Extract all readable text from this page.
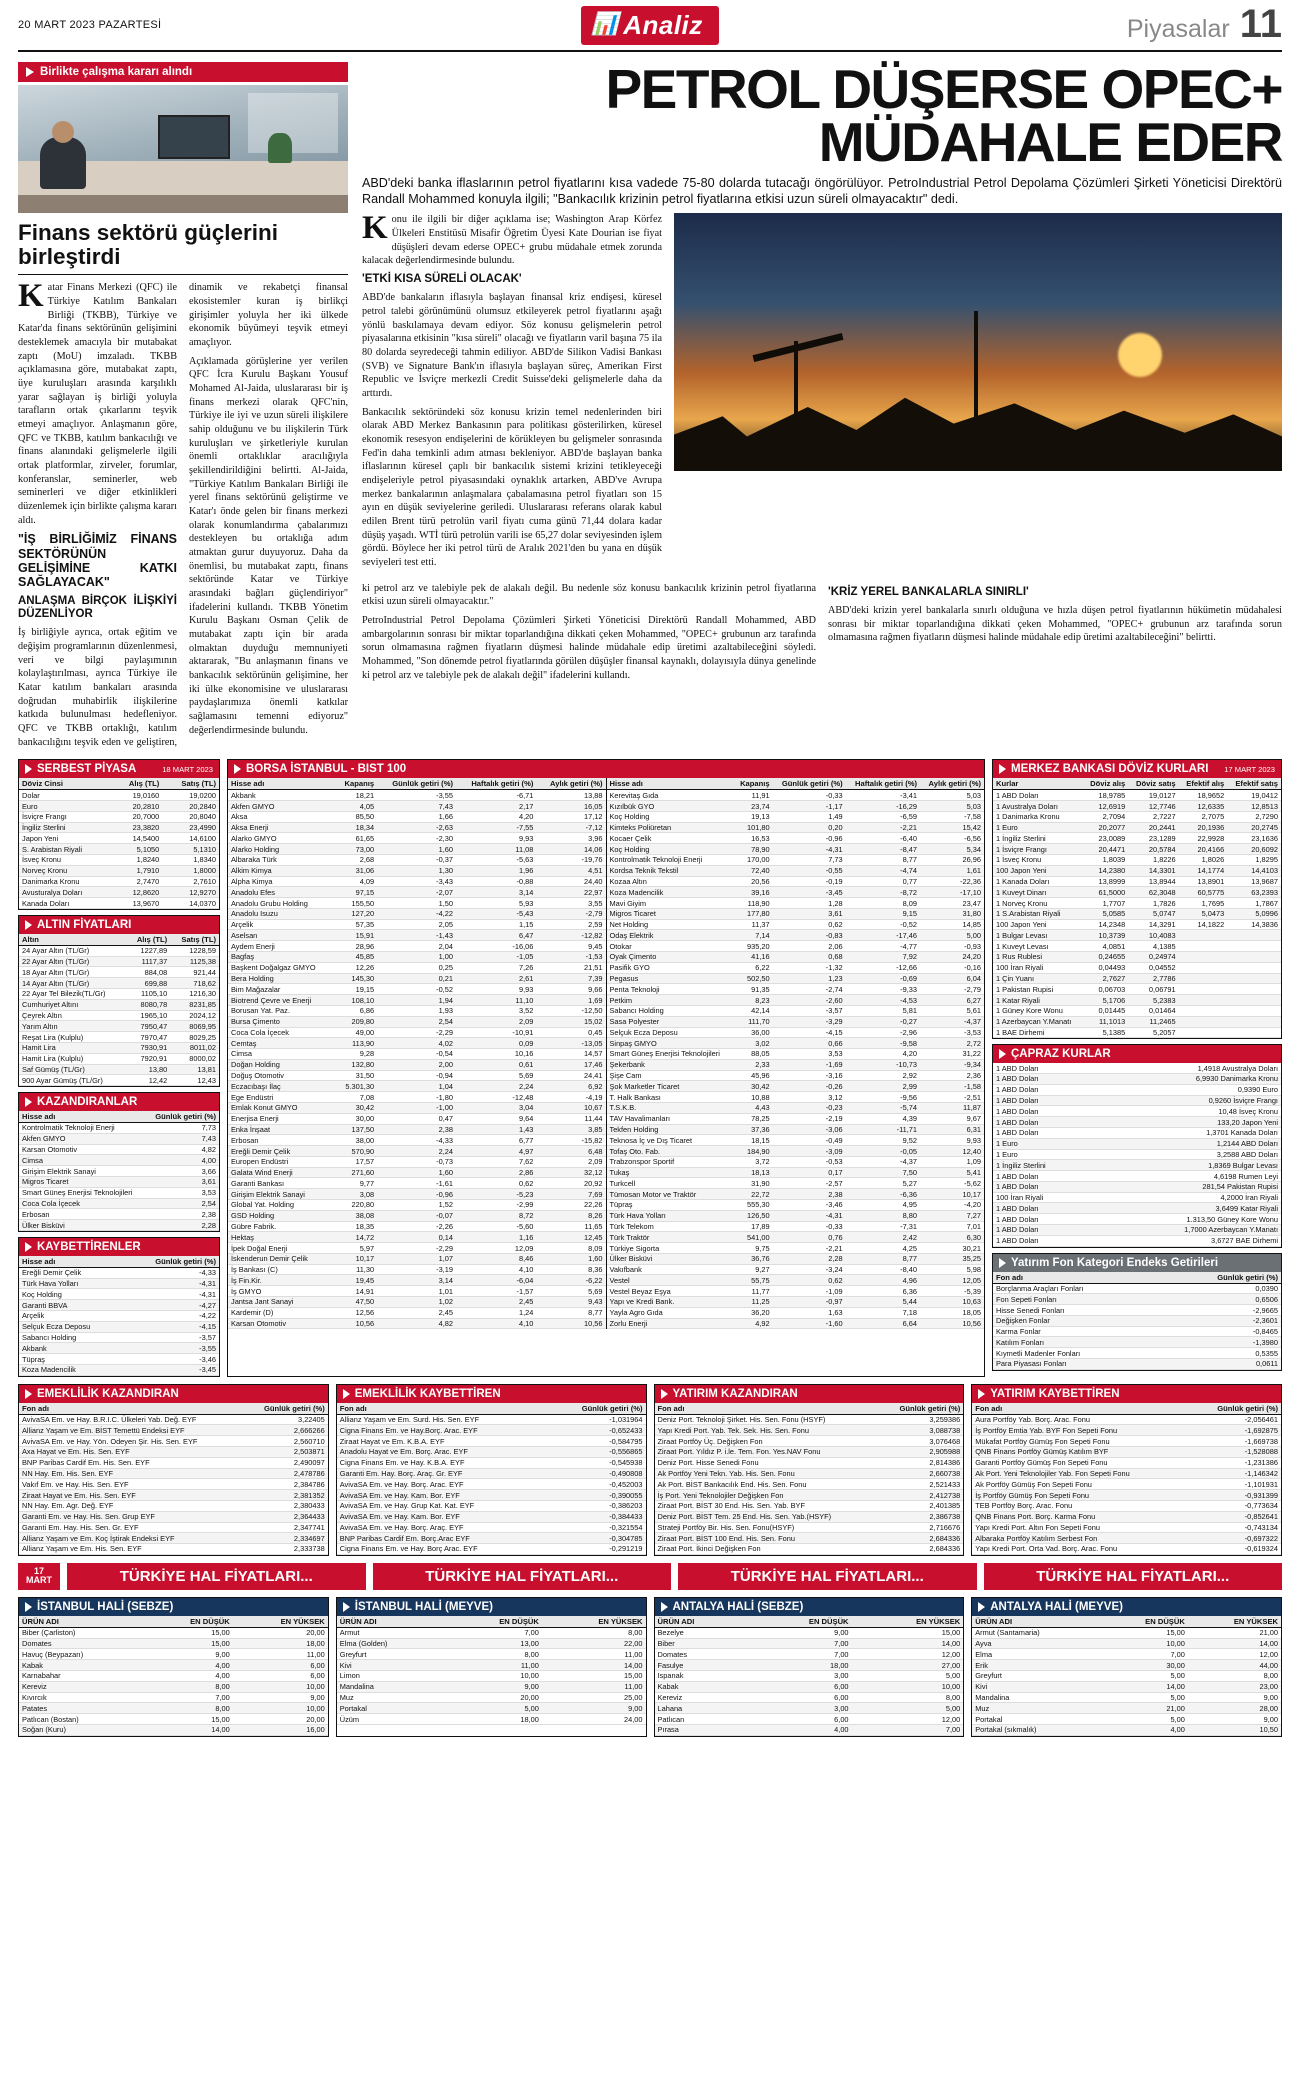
20 MART 2023 PAZARTESİ	📊 Analiz	Piyasalar 11
Birlikte çalışma kararı alındı
Finans sektörü güçlerini birleştirdi

Katar Finans Merkezi (QFC) ile Türkiye Katılım Bankaları Birliği (TKBB), Türkiye ve Katar'da finans sektörünün gelişimini desteklemek amacıyla bir mutabakat zaptı (MoU) imzaladı. TKBB açıklamasına göre, mutabakat zaptı, üye kuruluşları arasında karşılıklı yarar sağlayan iş birliği yoluyla tarafların ortak çıkarlarını teşvik etmeyi amaçlıyor. Anlaşmanın göre, QFC ve TKBB, katılım bankacılığı ve finans alanındaki gelişmelerle ilgili ortak platformlar, zirveler, forumlar, konferanslar, seminerler, web seminerleri ve diğer etkinlikleri düzenlemek için birlikte çalışma kararı aldı.

"İŞ BİRLİĞİMİZ FİNANS SEKTÖRÜNÜN GELİŞİMİNE KATKI SAĞLAYACAK"
ANLAŞMA BİRÇOK İLİŞKİYİ DÜZENLİYOR

İş birliğiyle ayrıca, ortak eğitim ve değişim programlarının düzenlenmesi, veri ve bilgi paylaşımının kolaylaştırılması, ayrıca Türkiye ile Katar katılım bankaları arasında doğrudan muhabirlik ilişkilerine katkıda bulunulması hedefleniyor. QFC ve TKBB ortaklığı, katılım bankacılığını teşvik eden ve geliştiren, dinamik ve rekabetçi finansal ekosistemler kuran iş birlikçi girişimler yoluyla her iki ülkede ekonomik büyümeyi teşvik etmeyi amaçlıyor.

Açıklamada görüşlerine yer verilen QFC İcra Kurulu Başkanı Yousuf Mohamed Al-Jaida, uluslararası bir iş finans merkezi olarak QFC'nin, Türkiye ile iyi ve uzun süreli ilişkilere sahip olduğunu ve bu ilişkilerin Türk kuruluşları ve şirketleriyle kurulan önemli ortaklıklar aracılığıyla şekillendirildiğini belirtti. Al-Jaida, "Türkiye Katılım Bankaları Birliği ile yerel finans sektörünü geliştirme ve Katar'ı önde gelen bir finans merkezi olarak konumlandırma çabalarımızı destekleyen bu ortaklığa adım atmaktan gurur duyuyoruz. Daha da önemlisi, bu mutabakat zaptı, finans sektöründe Katar ve Türkiye arasındaki bağları güçlendiriyor" ifadelerini kullandı. TKBB Yönetim Kurulu Başkanı Osman Çelik de mutabakat zaptı için bir arada olmaktan duyduğu memnuniyeti aktararak, "Bu anlaşmanın finans ve bankacılık sektörünün gelişimine, her iki ülke ekonomisine ve uluslararası paydaşlarımıza önemli katkılar sağlamasını temenni ediyoruz" değerlendirmesinde bulundu.

PETROL DÜŞERSE OPEC+
MÜDAHALE EDER
ABD'deki banka iflaslarının petrol fiyatlarını kısa vadede 75-80 dolarda tutacağı öngörülüyor. PetroIndustrial Petrol Depolama Çözümleri Şirketi Yöneticisi Direktörü Randall Mohammed konuyla ilgili; "Bankacılık krizinin petrol fiyatlarına etkisi uzun süreli olmayacaktır" dedi.

Konu ile ilgili bir diğer açıklama ise; Washington Arap Körfez Ülkeleri Enstitüsü Misafir Öğretim Üyesi Kate Dourian ise fiyat düşüşleri devam ederse OPEC+ grubu müdahale etmek zorunda kalacak değerlendirmesinde bulundu.

'ETKİ KISA SÜRELİ OLACAK'

ABD'de bankaların iflasıyla başlayan finansal kriz endişesi, küresel petrol talebi görünümünü olumsuz etkileyerek petrol fiyatlarını aşağı yönlü baskılamaya devam ediyor. Söz konusu gelişmelerin petrol piyasalarına etkisinin "kısa süreli" olacağı ve fiyatların varil başına 75 ila 80 dolarda seyredeceği tahmin ediliyor. ABD'de Silikon Vadisi Bankası (SVB) ve Signature Bank'ın iflasıyla başlayan süreç, Amerikan First Republic ve İsviçre merkezli Credit Suisse'deki gelişmelerle daha da arttırdı.

Bankacılık sektöründeki söz konusu krizin temel nedenlerinden biri olarak ABD Merkez Bankasının para politikası gösterilirken, küresel ekonomik resesyon endişelerini de körükleyen bu gelişmeler sonrasında Fed'in daha temkinli adım atması bekleniyor. ABD'de başlayan banka iflaslarının küresel çaplı bir bankacılık sistemi krizini tetikleyeceği endişeleriyle petrol piyasasındaki oynaklık artarken, ABD've Avrupa merkez bankalarının anlaşmalara çabalamasına petrol fiyatları son 15 ayın en düşük seviyelerine geriledi. Uluslararası referans olarak kabul edilen Brent türü petrolün varil fiyatı cuma günü 71,44 dolara kadar düşüş yaşadı. WTİ türü petrolün varili ise 65,27 dolar seviyesinden işlem gördü. Böylece her iki petrol türü de Aralık 2021'den bu yana en düşük seviyeleri test etti.

ki petrol arz ve talebiyle pek de alakalı değil. Bu nedenle söz konusu bankacılık krizinin petrol fiyatlarına etkisi uzun süreli olmayacaktır."

PetroIndustrial Petrol Depolama Çözümleri Şirketi Yöneticisi Direktörü Randall Mohammed, ABD ambargolarının sonrası bir miktar toparlandığına dikkati çeken Mohammed, "OPEC+ grubunun arz tarafında sorun olmamasına rağmen fiyatların düşmesi halinde müdahale edip üretimi azaltabileceğini söyledi. Mohammed, "Son dönemde petrol fiyatlarında görülen düşüşler finansal kaynaklı, dolayısıyla dünya genelinde ki petrol arz ve talebiyle pek de alakalı değil" ifadelerini kullandı.

'KRİZ YEREL BANKALARLA SINIRLI'

ABD'deki krizin yerel bankalarla sınırlı olduğuna ve hızla düşen petrol fiyatlarının hükümetin müdahalesi sonrası bir miktar toparlandığına dikkati çeken Mohammed, "OPEC+ grubunun arz tarafında sorun olmamasına rağmen fiyatların düşmesi halinde müdahale edip üretimi azaltabileceğini" belirtti.

SERBEST PİYASA	18 MART 2023
Döviz Cinsi	Alış (TL)	Satış (TL)
Dolar	19,0160	19,0200
Euro	20,2810	20,2840
İsviçre Frangı	20,7000	20,8040
İngiliz Sterlini	23,3820	23,4990
Japon Yeni	14,5400	14,6100
S. Arabistan Riyali	5,1050	5,1310
İsveç Kronu	1,8240	1,8340
Norveç Kronu	1,7910	1,8000
Danimarka Kronu	2,7470	2,7610
Avusturalya Doları	12,8620	12,9270
Kanada Doları	13,9670	14,0370
ALTIN FİYATLARI
Altın	Alış (TL)	Satış (TL)
24 Ayar Altın (TL/Gr)	1227,89	1228,59
22 Ayar Altın (TL/Gr)	1117,37	1125,38
18 Ayar Altın (TL/Gr)	884,08	921,44
14 Ayar Altın (TL/Gr)	699,88	718,62
22 Ayar Tel Bilezik(TL/Gr)	1105,10	1216,30
Cumhuriyet Altını	8080,78	8231,85
Çeyrek Altın	1965,10	2024,12
Yarım Altın	7950,47	8069,95
Reşat Lira (Kulplu)	7970,47	8029,25
Hamit Lira	7930,91	8011,02
Hamit Lira (Kulplu)	7920,91	8000,02
Saf Gümüş (TL/Gr)	13,80	13,81
900 Ayar Gümüş (TL/Gr)	12,42	12,43
KAZANDIRANLAR
Hisse adı	Günlük getiri (%)
Kontrolmatik Teknoloji Enerji	7,73
Akfen GMYO	7,43
Karsan Otomotiv	4,82
Cimsa	4,00
Girişim Elektrik Sanayi	3,66
Migros Ticaret	3,61
Smart Güneş Enerjisi Teknolojileri	3,53
Coca Cola İçecek	2,54
Erbosan	2,38
Ülker Bisküvi	2,28
KAYBETTİRENLER
Hisse adı	Günlük getiri (%)
Ereğli Demir Çelik	-4,33
Türk Hava Yolları	-4,31
Koç Holding	-4,31
Garanti BBVA	-4,27
Arçelik	-4,22
Selçuk Ecza Deposu	-4,15
Sabancı Holding	-3,57
Akbank	-3,55
Tüpraş	-3,46
Koza Madencilik	-3,45
BORSA İSTANBUL - BIST 100
Hisse adı	Kapanış	Günlük getiri (%)	Haftalık getiri (%)	Aylık getiri (%)
Akbank	18,21	-3,55	-6,71	13,88
Akfen GMYO	4,05	7,43	2,17	16,05
Aksa	85,50	1,66	4,20	17,12
Aksa Enerji	18,34	-2,63	-7,55	-7,12
Alarko GMYO	61,65	-2,30	9,93	3,96
Alarko Holding	73,00	1,60	11,08	14,06
Albaraka Türk	2,68	-0,37	-5,63	-19,76
Alkim Kimya	31,06	1,30	1,96	4,51
Alpha Kimya	4,09	-3,43	-0,88	24,40
Anadolu Efes	97,15	-2,07	3,14	22,97
Anadolu Grubu Holding	155,50	1,50	5,93	3,55
Anadolu Isuzu	127,20	-4,22	-5,43	-2,79
Arçelik	57,35	2,05	1,15	2,59
Aselsan	15,91	-1,43	6,47	-12,82
Aydem Enerji	28,96	2,04	-16,06	9,45
Bagfaş	45,85	1,00	-1,05	-1,53
Başkent Doğalgaz GMYO	12,26	0,25	7,26	21,51
Bera Holding	145,30	0,21	2,61	7,39
Bim Mağazalar	19,15	-0,52	9,93	9,66
Biotrend Çevre ve Enerji	108,10	1,94	11,10	1,69
Borusan Yat. Paz.	6,86	1,93	3,52	-12,50
Bursa Çimento	209,80	2,54	2,09	15,02
Coca Cola İçecek	49,00	-2,29	-10,91	0,45
Cemtaş	113,90	4,02	0,09	-13,05
Cimsa	9,28	-0,54	10,16	14,57
Doğan Holding	132,80	2,00	0,61	17,46
Doğuş Otomotiv	31,50	-0,94	5,69	24,41
Eczacıbaşı İlaç	5.301,30	1,04	2,24	6,92
Ege Endüstri	7,08	-1,80	-12,48	-4,19
Emlak Konut GMYO	30,42	-1,00	3,04	10,67
Enerjisa Enerji	30,00	0,47	9,64	11,44
Enka İnşaat	137,50	2,38	1,43	3,85
Erbosan	38,00	-4,33	6,77	-15,82
Ereğli Demir Çelik	570,90	2,24	4,97	6,48
Europen Endüstri	17,57	-0,73	7,62	2,09
Galata Wind Enerji	271,60	1,60	2,86	32,12
Garanti Bankası	9,77	-1,61	0,62	20,92
Girişim Elektrik Sanayi	3,08	-0,96	-5,23	7,69
Global Yat. Holding	220,80	1,52	-2,99	22,26
GSD Holding	38,08	-0,07	8,72	8,26
Gübre Fabrik.	18,35	-2,26	-5,60	11,65
Hektaş	14,72	0,14	1,16	12,45
İpek Doğal Enerji	5,97	-2,29	12,09	8,09
İskenderun Demir Çelik	10,17	1,07	8,46	1,60
İş Bankası (C)	11,30	-3,19	4,10	8,36
İş Fin.Kir.	19,45	3,14	-6,04	-6,22
İş GMYO	14,91	1,01	-1,57	5,69
Jantsa Jant Sanayi	47,50	1,02	2,45	9,43
Kardemir (D)	12,56	2,45	1,24	8,77
Karsan Otomotiv	10,56	4,82	4,10	10,56
Hisse adı	Kapanış	Günlük getiri (%)	Haftalık getiri (%)	Aylık getiri (%)
Kerevitaş Gıda	11,91	-0,33	-3,41	5,03
Kızılbük GYO	23,74	-1,17	-16,29	5,03
Koç Holding	19,13	1,49	-6,59	-7,58
Kimteks Poliüretan	101,80	0,20	-2,21	15,42
Kocaer Çelik	16,53	-0,96	-6,40	-6,56
Koç Holding	78,90	-4,31	-8,47	5,34
Kontrolmatik Teknoloji Enerji	170,00	7,73	8,77	26,96
Kordsa Teknik Tekstil	72,40	-0,55	-4,74	1,61
Kozaa Altın	20,56	-0,19	0,77	-22,36
Koza Madencilik	39,16	-3,45	-8,72	-17,10
Mavi Giyim	118,90	1,28	8,09	23,47
Migros Ticaret	177,80	3,61	9,15	31,80
Net Holding	11,37	0,62	-0,52	14,85
Odaş Elektrik	7,14	-0,83	-17,46	5,00
Otokar	935,20	2,06	-4,77	-0,93
Oyak Çimento	41,16	0,68	7,92	24,20
Pasifik GYO	6,22	-1,32	-12,66	-0,16
Pegasus	502,50	1,23	-0,69	6,04
Penta Teknoloji	91,35	-2,74	-9,33	-2,79
Petkim	8,23	-2,60	-4,53	6,27
Sabancı Holding	42,14	-3,57	5,81	5,61
Sasa Polyester	111,70	-3,29	-0,27	-4,37
Selçuk Ecza Deposu	36,00	-4,15	-2,96	-3,53
Sinpaş GMYO	3,02	0,66	-9,58	2,72
Smart Güneş Enerjisi Teknolojileri	88,05	3,53	4,20	31,22
Şekerbank	2,33	-1,69	-10,73	-9,34
Şişe Cam	45,96	-3,16	2,92	2,36
Şok Marketler Ticaret	30,42	-0,26	2,99	-1,58
T. Halk Bankası	10,88	3,12	-9,56	-2,51
T.S.K.B.	4,43	-0,23	-5,74	11,87
TAV Havalimanları	78,25	-2,19	4,39	9,67
Tekfen Holding	37,36	-3,06	-11,71	6,31
Teknosa İç ve Dış Ticaret	18,15	-0,49	9,52	9,93
Tofaş Oto. Fab.	184,90	-3,09	-0,05	12,40
Trabzonspor Sportif	3,72	-0,53	-4,37	1,09
Tukaş	18,13	0,17	7,50	5,41
Turkcell	31,90	-2,57	5,27	-5,62
Tümosan Motor ve Traktör	22,72	2,38	-6,36	10,17
Tüpraş	555,30	-3,46	4,95	-4,20
Türk Hava Yolları	126,50	-4,31	8,80	7,27
Türk Telekom	17,89	-0,33	-7,31	7,01
Türk Traktör	541,00	0,76	2,42	6,30
Türkiye Sigorta	9,75	-2,21	4,25	30,21
Ülker Bisküvi	36,76	2,28	8,77	35,25
Vakıfbank	9,27	-3,24	-8,40	5,98
Vestel	55,75	0,62	4,96	12,05
Vestel Beyaz Eşya	11,77	-1,09	6,36	-5,39
Yapı ve Kredi Bank.	11,25	-0,97	5,44	10,63
Yayla Agro Gıda	36,20	1,63	7,18	18,05
Zorlu Enerji	4,92	-1,60	6,64	10,56
MERKEZ BANKASI DÖVİZ KURLARI 17 MART 2023
Kurlar	Döviz alış	Döviz satış	Efektif alış	Efektif satış
1 ABD Doları	18,9785	19,0127	18,9652	19,0412
1 Avustralya Doları	12,6919	12,7746	12,6335	12,8513
1 Danimarka Kronu	2,7094	2,7227	2,7075	2,7290
1 Euro	20,2077	20,2441	20,1936	20,2745
1 İngiliz Sterlini	23,0089	23,1289	22,9928	23,1636
1 İsviçre Frangı	20,4471	20,5784	20,4166	20,6092
1 İsveç Kronu	1,8039	1,8226	1,8026	1,8295
100 Japon Yeni	14,2380	14,3301	14,1774	14,4103
1 Kanada Doları	13,8999	13,8944	13,8901	13,9687
1 Kuveyt Dinarı	61,5000	62,3048	60,5775	63,2393
1 Norveç Kronu	1,7707	1,7826	1,7695	1,7867
1 S.Arabistan Riyali	5,0585	5,0747	5,0473	5,0996
100 Japon Yeni	14,2348	14,3291	14,1822	14,3836
1 Bulgar Levası	10,3739	10,4083		
1 Kuveyt Levası	4,0851	4,1385		
1 Rus Rublesi	0,24655	0,24974		
100 İran Riyali	0,04493	0,04552		
1 Çin Yuanı	2,7627	2,7786		
1 Pakistan Rupisi	0,06703	0,06791		
1 Katar Riyali	5,1706	5,2383		
1 Güney Kore Wonu	0,01445	0,01464		
1 Azerbaycan Y.Manatı	11,1013	11,2465		
1 BAE Dirhemi	5,1385	5,2057		
ÇAPRAZ KURLAR
1 ABD Doları	1,4918 Avustralya Doları
1 ABD Doları	6,9930 Danimarka Kronu
1 ABD Doları	0,9390 Euro
1 ABD Doları	0,9260 İsviçre Frangı
1 ABD Doları	10,48 İsveç Kronu
1 ABD Doları	133,20 Japon Yeni
1 ABD Doları	1,3701 Kanada Doları
1 Euro	1,2144 ABD Doları
1 Euro	3,2588 ABD Doları
1 İngiliz Sterlini	1,8369 Bulgar Levası
1 ABD Doları	4,6198 Rumen Leyi
1 ABD Doları	281,54 Pakistan Rupisi
100 İran Riyali	4,2000 İran Riyali
1 ABD Doları	3,6499 Katar Riyali
1 ABD Doları	1.313,50 Güney Kore Wonu
1 ABD Doları	1,7000 Azerbaycan Y.Manatı
1 ABD Doları	3,6727 BAE Dirhemi
Yatırım Fon Kategori Endeks Getirileri
Fon adı	Günlük getiri (%)
Borçlanma Araçları Fonları	0,0390
Fon Sepeti Fonları	0,6506
Hisse Senedi Fonları	-2,9665
Değişken Fonlar	-2,3601
Karma Fonlar	-0,8465
Katılım Fonları	-1,3980
Kıymetli Madenler Fonları	0,5355
Para Piyasası Fonları	0,0611
EMEKLİLİK KAZANDIRAN
Fon adı	Günlük getiri (%)
AvivaSA Em. ve Hay. B.R.I.C. Ülkeleri Yab. Değ. EYF	3,22405
Allianz Yaşam ve Em. BİST Temettü Endeksi EYF	2,666266
AvivaSA Em. ve Hay. Yön. Odeyen Şir. His. Sen. EYF	2,560710
Axa Hayat ve Em. His. Sen. EYF	2,503871
BNP Paribas Cardif Em. His. Sen. EYF	2,490097
NN Hay. Em. His. Sen. EYF	2,478786
Vakıf Em. ve Hay. His. Sen. EYF	2,384786
Ziraat Hayat ve Em. His. Sen. EYF	2,381352
NN Hay. Em. Agr. Değ. EYF	2,380433
Garanti Em. ve Hay. His. Sen. Grup EYF	2,364433
Garanti Em. Hay. His. Sen. Gr. EYF	2,347741
Allianz Yaşam ve Em. Koç İştirak Endeksi EYF	2,334697
Allianz Yaşam ve Em. His. Sen. EYF	2,333738
EMEKLİLİK KAYBETTİREN
Fon adı	Günlük getiri (%)
Allianz Yaşam ve Em. Surd. His. Sen. EYF	-1,031964
Cigna Finans Em. ve Hay.Borç. Arac. EYF	-0,652433
Ziraat Hayat ve Em. K.B.A. EYF	-0,584795
Anadolu Hayat ve Em. Borç. Arac. EYF	-0,556865
Cigna Finans Em. ve Hay. K.B.A. EYF	-0,545938
Garanti Em. Hay. Borç. Araç. Gr. EYF	-0,490808
AvivaSA Em. ve Hay. Borç. Arac. EYF	-0,452003
AvivaSA Em. ve Hay. Kam. Bor. EYF	-0,390055
AvivaSA Em. ve Hay. Grup Kat. Kat. EYF	-0,386203
AvivaSA Em. ve Hay. Kam. Bor. EYF	-0,384433
AvivaSA Em. ve Hay. Borç. Araç. EYF	-0,321554
BNP Paribas Cardif Em. Borç.Arac EYF	-0,304785
Cigna Finans Em. ve Hay. Borç Arac. EYF	-0,291219
YATIRIM KAZANDIRAN
Fon adı	Günlük getiri (%)
Deniz Port. Teknoloji Şirket. His. Sen. Fonu (HSYF)	3,259386
Yapı Kredi Port. Yab. Tek. Sek. His. Sen. Fonu	3,088738
Ziraat Portföy Üç. Değişken Fon	3,076468
Ziraat Port. Yıldız P. i.le. Tem. Fon. Yes.NAV Fonu	2,905988
Deniz Port. Hisse Senedi Fonu	2,814386
Ak Portföy Yeni Tekn. Yab. His. Sen. Fonu	2,660738
Ak Port. BİST Bankacılık End. His. Sen. Fonu	2,521433
İş Port. Yeni Teknolojiler Değişken Fon	2,412738
Ziraat Port. BİST 30 End. His. Sen. Yab. BYF	2,401385
Deniz Port. BİST Tem. 25 End. His. Sen. Yab.(HSYF)	2,386738
Strateji Portföy Bir. His. Sen. Fonu(HSYF)	2,716676
Ziraat Port. BİST 100 End. His. Sen. Fonu	2,684336
Ziraat Port. İkinci Değişken Fon	2,684336
YATIRIM KAYBETTİREN
Fon adı	Günlük getiri (%)
Aura Portföy Yab. Borç. Arac. Fonu	-2,056461
İş Portföy Emtia Yab. BYF Fon Sepeti Fonu	-1,692875
Mükafat Portföy Gümüş Fon Sepeti Fonu	-1,669738
QNB Finans Portföy Gümüş Katılım BYF	-1,528088
Garanti Portföy Gümüş Fon Sepeti Fonu	-1,231386
Ak Port. Yeni Teknolojiler Yab. Fon Sepeti Fonu	-1,146342
Ak Portföy Gümüş Fon Sepeti Fonu	-1,101931
İş Portföy Gümüş Fon Sepeti Fonu	-0,931399
TEB Portföy Borç. Arac. Fonu	-0,773634
QNB Finans Port. Borç. Karma Fonu	-0,852641
Yapı Kredi Port. Altın Fon Sepeti Fonu	-0,743134
Albaraka Portföy Katılım Serbest Fon	-0,697322
Yapı Kredi Port. Orta Vad. Borç. Arac. Fonu	-0,619324
17
MART	TÜRKİYE HAL FİYATLARI...	TÜRKİYE HAL FİYATLARI...	TÜRKİYE HAL FİYATLARI...	TÜRKİYE HAL FİYATLARI...
İSTANBUL HALİ (SEBZE)
ÜRÜN ADI	EN DÜŞÜK	EN YÜKSEK
Biber (Çarliston)	15,00	20,00
Domates	15,00	18,00
Havuç (Beypazarı)	9,00	11,00
Kabak	4,00	6,00
Karnabahar	4,00	6,00
Kereviz	8,00	10,00
Kıvırcık	7,00	9,00
Patates	8,00	10,00
Patlıcan (Bostan)	15,00	20,00
Soğan (Kuru)	14,00	16,00
İSTANBUL HALİ (MEYVE)
ÜRÜN ADI	EN DÜŞÜK	EN YÜKSEK
Armut	7,00	8,00
Elma (Golden)	13,00	22,00
Greyfurt	8,00	11,00
Kivi	11,00	14,00
Limon	10,00	15,00
Mandalina	9,00	11,00
Muz	20,00	25,00
Portakal	5,00	9,00
Üzüm	18,00	24,00
ANTALYA HALİ (SEBZE)
ÜRÜN ADI	EN DÜŞÜK	EN YÜKSEK
Bezelye	9,00	15,00
Biber	7,00	14,00
Domates	7,00	12,00
Fasulye	18,00	27,00
Ispanak	3,00	5,00
Kabak	6,00	10,00
Kereviz	6,00	8,00
Lahana	3,00	5,00
Patlıcan	6,00	12,00
Pırasa	4,00	7,00
ANTALYA HALİ (MEYVE)
ÜRÜN ADI	EN DÜŞÜK	EN YÜKSEK
Armut (Santamaria)	15,00	21,00
Ayva	10,00	14,00
Elma	7,00	12,00
Erik	30,00	44,00
Greyfurt	5,00	8,00
Kivi	14,00	23,00
Mandalina	5,00	9,00
Muz	21,00	28,00
Portakal	5,00	9,00
Portakal (sıkmalık)	4,00	10,50
